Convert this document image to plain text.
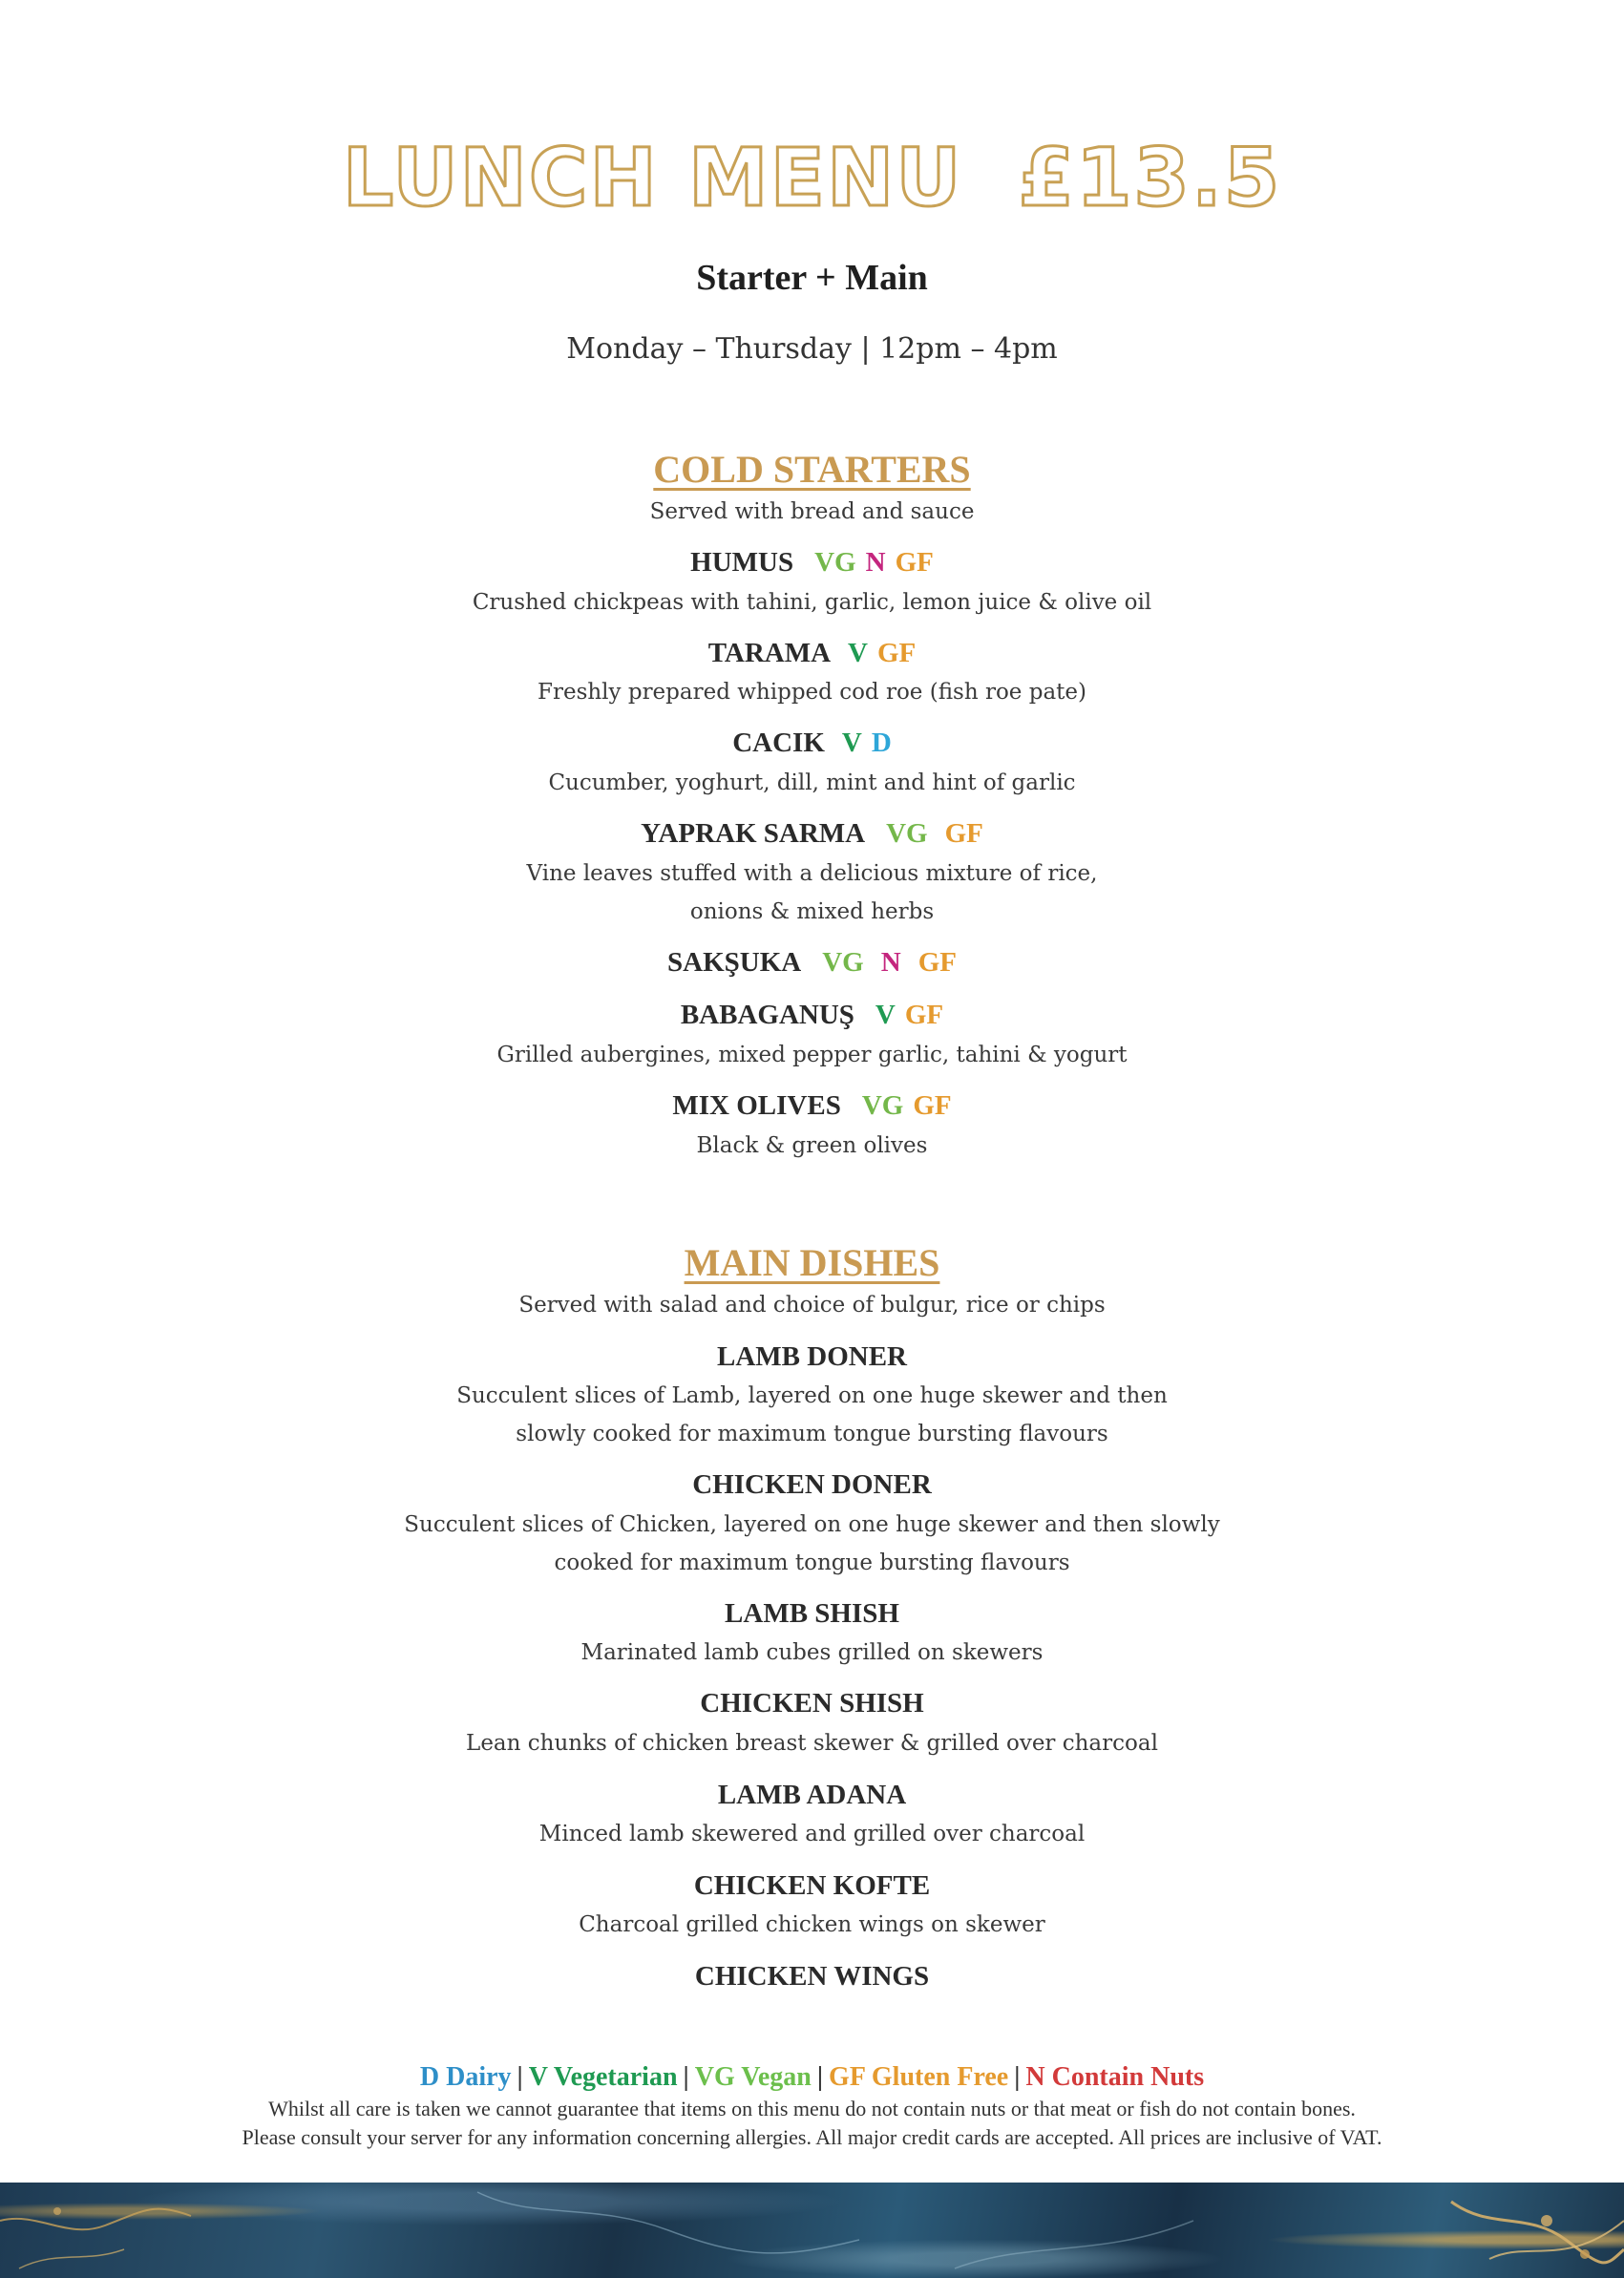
LUNCH MENU £13.5
Starter + Main
Monday – Thursday | 12pm – 4pm
COLD STARTERS
Served with bread and sauce
HUMUS VG N GF
Crushed chickpeas with tahini, garlic, lemon juice & olive oil
TARAMA V GF
Freshly prepared whipped cod roe (fish roe pate)
CACIK V D
Cucumber, yoghurt, dill, mint and hint of garlic
YAPRAK SARMA VG GF
Vine leaves stuffed with a delicious mixture of rice,
onions & mixed herbs
SAKŞUKA VG N GF
BABAGANUŞ V GF
Grilled aubergines, mixed pepper garlic, tahini & yogurt
MIX OLIVES VG GF
Black & green olives
MAIN DISHES
Served with salad and choice of bulgur, rice or chips
LAMB DONER
Succulent slices of Lamb, layered on one huge skewer and then
slowly cooked for maximum tongue bursting flavours
CHICKEN DONER
Succulent slices of Chicken, layered on one huge skewer and then slowly
cooked for maximum tongue bursting flavours
LAMB SHISH
Marinated lamb cubes grilled on skewers
CHICKEN SHISH
Lean chunks of chicken breast skewer & grilled over charcoal
LAMB ADANA
Minced lamb skewered and grilled over charcoal
CHICKEN KOFTE
Charcoal grilled chicken wings on skewer
CHICKEN WINGS
D Dairy | V Vegetarian | VG Vegan | GF Gluten Free | N Contain Nuts
Whilst all care is taken we cannot guarantee that items on this menu do not contain nuts or that meat or fish do not contain bones.
Please consult your server for any information concerning allergies. All major credit cards are accepted. All prices are inclusive of VAT.
